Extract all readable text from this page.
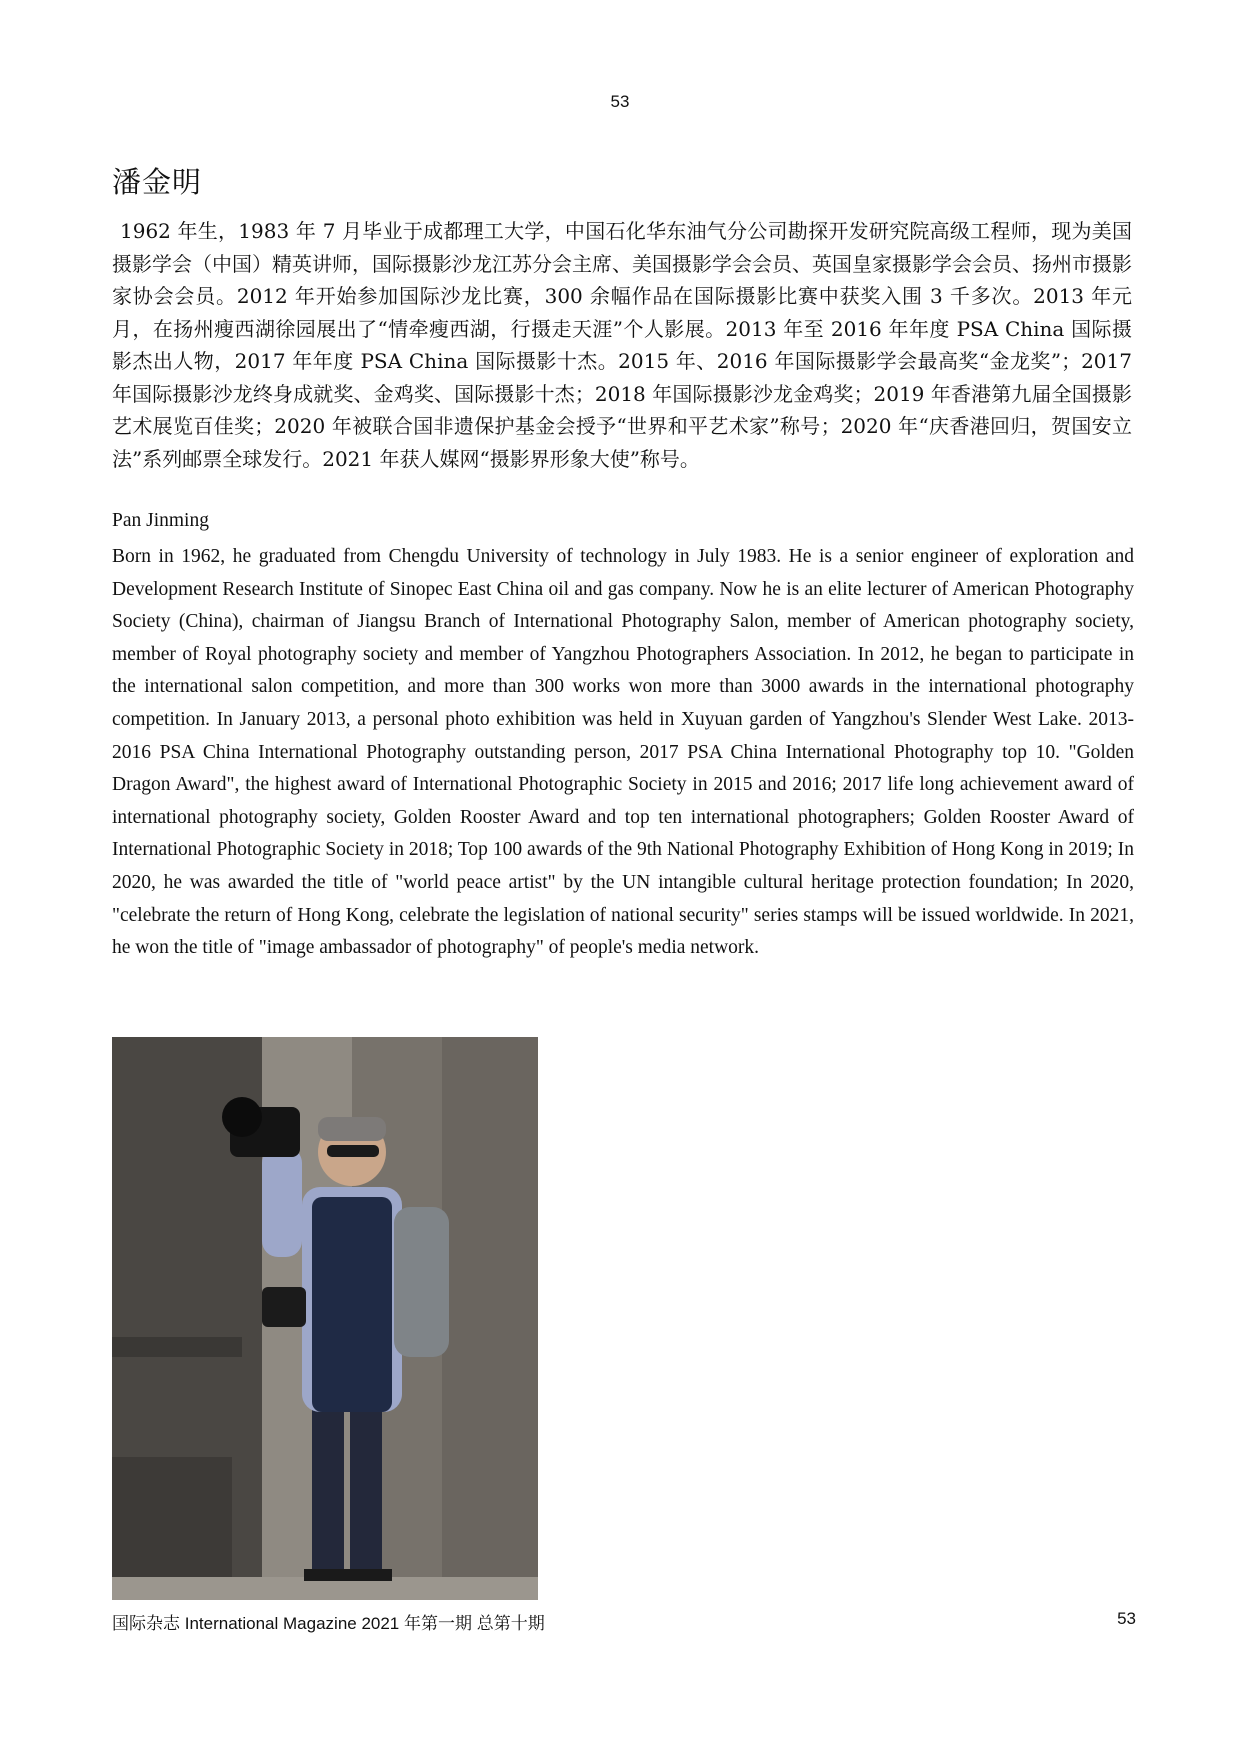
53
潘金明

1962 年生，1983 年 7 月毕业于成都理工大学，中国石化华东油气分公司勘探开发研究院高级工程师，现为美国摄影学会（中国）精英讲师，国际摄影沙龙江苏分会主席、美国摄影学会会员、英国皇家摄影学会会员、扬州市摄影家协会会员。2012 年开始参加国际沙龙比赛，300 余幅作品在国际摄影比赛中获奖入围 3 千多次。2013 年元月，在扬州瘦西湖徐园展出了“情牵瘦西湖，行摄走天涯”个人影展。2013 年至 2016 年年度 PSA China 国际摄影杰出人物，2017 年年度 PSA China 国际摄影十杰。2015 年、2016 年国际摄影学会最高奖“金龙奖”；2017 年国际摄影沙龙终身成就奖、金鸡奖、国际摄影十杰；2018 年国际摄影沙龙金鸡奖；2019 年香港第九届全国摄影艺术展览百佳奖；2020 年被联合国非遗保护基金会授予“世界和平艺术家”称号；2020 年“庆香港回归，贺国安立法”系列邮票全球发行。2021 年获人媒网“摄影界形象大使”称号。

Pan Jinming

Born in 1962, he graduated from Chengdu University of technology in July 1983. He is a senior engineer of exploration and Development Research Institute of Sinopec East China oil and gas company. Now he is an elite lecturer of American Photography Society (China), chairman of Jiangsu Branch of International Photography Salon, member of American photography society, member of Royal photography society and member of Yangzhou Photographers Association. In 2012, he began to participate in the international salon competition, and more than 300 works won more than 3000 awards in the international photography competition. In January 2013, a personal photo exhibition was held in Xuyuan garden of Yangzhou's Slender West Lake. 2013-2016 PSA China International Photography outstanding person, 2017 PSA China International Photography top 10. "Golden Dragon Award", the highest award of International Photographic Society in 2015 and 2016; 2017 life long achievement award of international photography society, Golden Rooster Award and top ten international photographers; Golden Rooster Award of International Photographic Society in 2018; Top 100 awards of the 9th National Photography Exhibition of Hong Kong in 2019; In 2020, he was awarded the title of "world peace artist" by the UN intangible cultural heritage protection foundation; In 2020, "celebrate the return of Hong Kong, celebrate the legislation of national security" series stamps will be issued worldwide. In 2021, he won the title of "image ambassador of photography" of people's media network.

国际杂志 International Magazine 2021 年第一期 总第十期	53
